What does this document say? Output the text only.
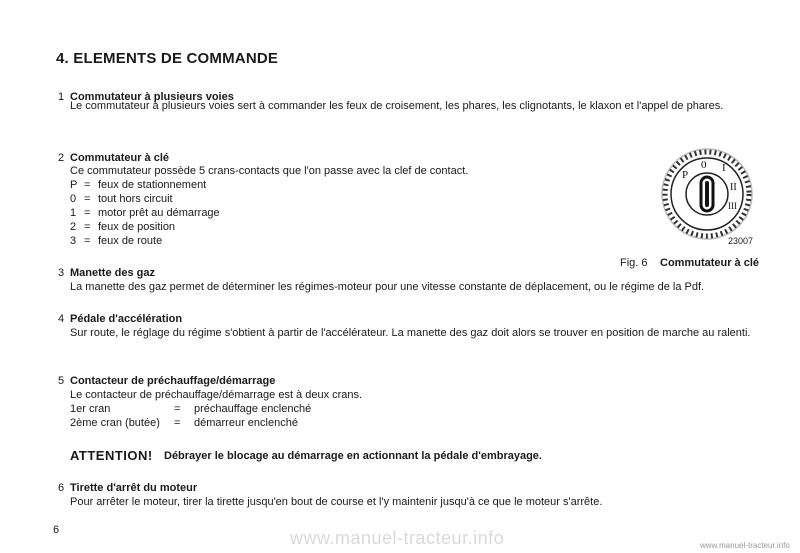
4. ELEMENTS DE COMMANDE
1 Commutateur à plusieurs voies
Le commutateur à plusieurs voies sert à commander les feux de croisement, les phares, les clignotants, le klaxon et l'appel de phares.
2 Commutateur à clé
Ce commutateur possède 5 crans-contacts que l'on passe avec la clef de contact.
P = feux de stationnement
0 = tout hors circuit
1 = motor prêt au démarrage
2 = feux de position
3 = feux de route
P
0 I
II
III
23007
Fig. 6 Commutateur à clé
3 Manette des gaz
La manette des gaz permet de déterminer les régimes-moteur pour une vitesse constante de déplacement, ou le régime de la Pdf.
4 Pédale d'accélération
Sur route, le réglage du régime s'obtient à partir de l'accélérateur. La manette des gaz doit alors se trouver en position de marche au ralenti.
5 Contacteur de préchauffage/démarrage
Le contacteur de préchauffage/démarrage est à deux crans.
1er cran	= préchauffage enclenché
2ème cran (butée) = démarreur enclenché
ATTENTION! Débrayer le blocage au démarrage en actionnant la pédale d'embrayage.
6 Tirette d'arrêt du moteur
Pour arrêter le moteur, tirer la tirette jusqu'en bout de course et l'y maintenir jusqu'à ce que le moteur s'arrête.
6	www.manuel-tracteur.info	www.manuel-tracteur.info
